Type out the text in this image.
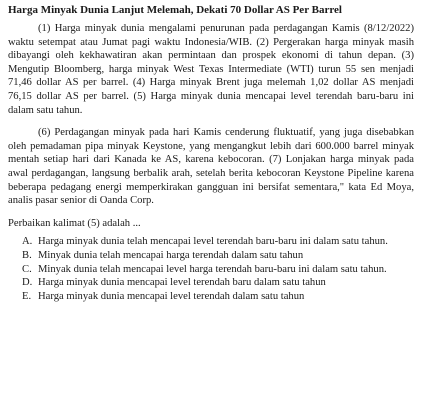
Harga Minyak Dunia Lanjut Melemah, Dekati 70 Dollar AS Per Barrel

(1) Harga minyak dunia mengalami penurunan pada perdagangan Kamis (8/12/2022) waktu setempat atau Jumat pagi waktu Indonesia/WIB. (2) Pergerakan harga minyak masih dibayangi oleh kekhawatiran akan permintaan dan prospek ekonomi di tahun depan. (3) Mengutip Bloomberg, harga minyak West Texas Intermediate (WTI) turun 55 sen menjadi 71,46 dollar AS per barrel. (4) Harga minyak Brent juga melemah 1,02 dollar AS menjadi 76,15 dollar AS per barrel. (5) Harga minyak dunia mencapai level terendah baru-baru ini dalam satu tahun.

(6) Perdagangan minyak pada hari Kamis cenderung fluktuatif, yang juga disebabkan oleh pemadaman pipa minyak Keystone, yang mengangkut lebih dari 600.000 barrel minyak mentah setiap hari dari Kanada ke AS, karena kebocoran. (7) Lonjakan harga minyak pada awal perdagangan, langsung berbalik arah, setelah berita kebocoran Keystone Pipeline karena beberapa pedagang energi memperkirakan gangguan ini bersifat sementara," kata Ed Moya, analis pasar senior di Oanda Corp.

Perbaikan kalimat (5) adalah ...
A. Harga minyak dunia telah mencapai level terendah baru-baru ini dalam satu tahun.
B. Minyak dunia telah mencapai harga terendah dalam satu tahun
C. Minyak dunia telah mencapai level harga terendah baru-baru ini dalam satu tahun.
D. Harga minyak dunia mencapai level terendah baru dalam satu tahun
E. Harga minyak dunia mencapai level terendah dalam satu tahun
